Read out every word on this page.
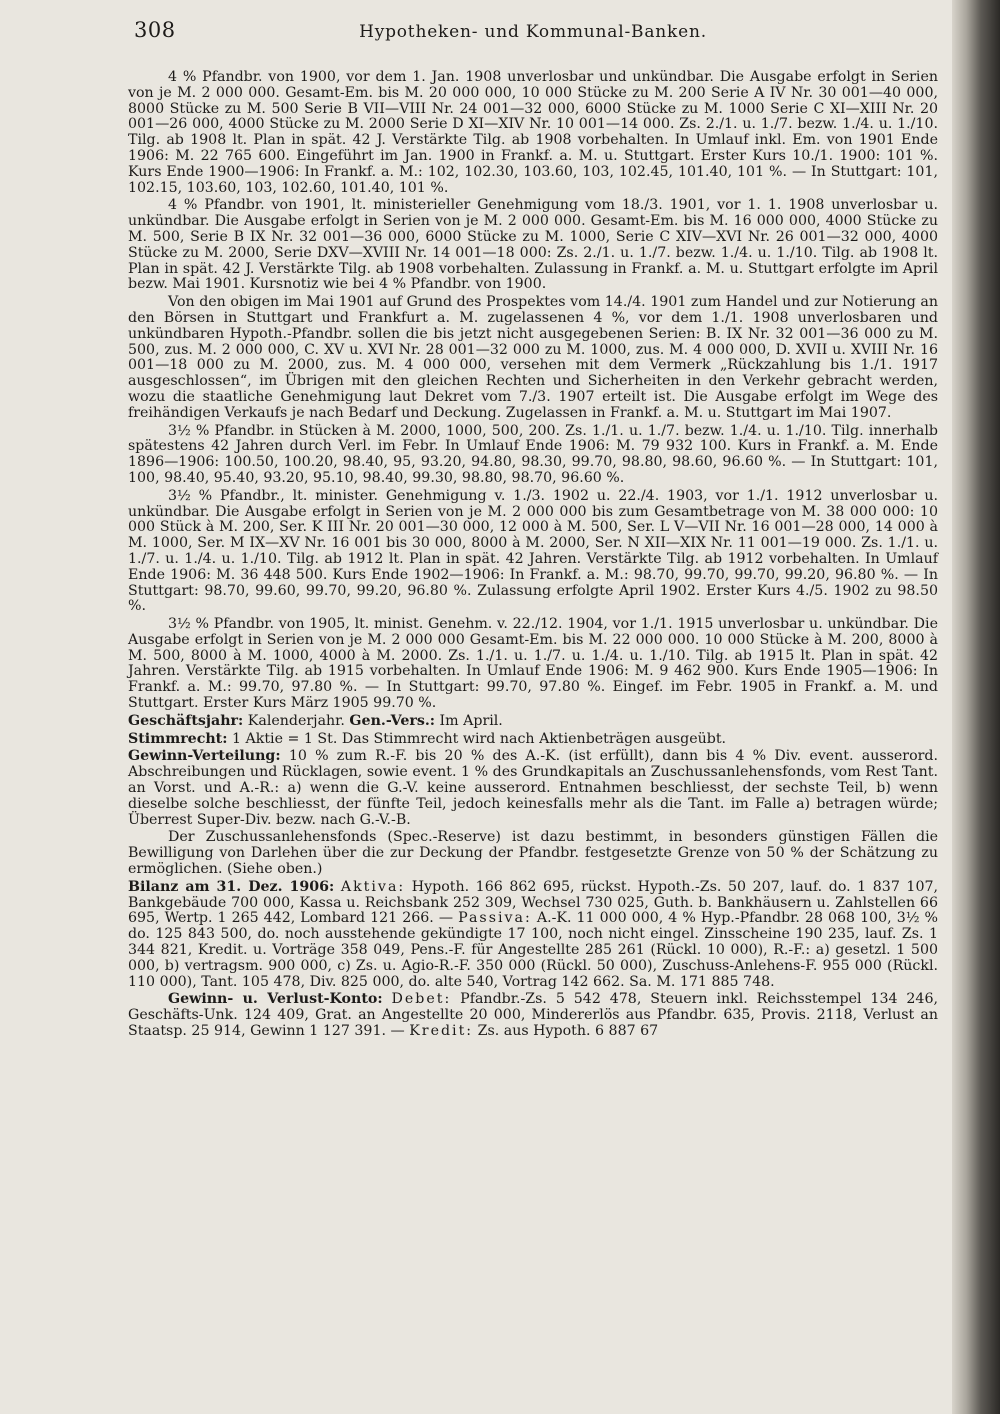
308	Hypotheken- und Kommunal-Banken.

4 % Pfandbr. von 1900, vor dem 1. Jan. 1908 unverlosbar und unkündbar. Die Ausgabe erfolgt in Serien von je M. 2 000 000. Gesamt-Em. bis M. 20 000 000, 10 000 Stücke zu M. 200 Serie A IV Nr. 30 001—40 000, 8000 Stücke zu M. 500 Serie B VII—VIII Nr. 24 001—32 000, 6000 Stücke zu M. 1000 Serie C XI—XIII Nr. 20 001—26 000, 4000 Stücke zu M. 2000 Serie D XI—XIV Nr. 10 001—14 000. Zs. 2./1. u. 1./7. bezw. 1./4. u. 1./10. Tilg. ab 1908 lt. Plan in spät. 42 J. Verstärkte Tilg. ab 1908 vorbehalten. In Umlauf inkl. Em. von 1901 Ende 1906: M. 22 765 600. Eingeführt im Jan. 1900 in Frankf. a. M. u. Stuttgart. Erster Kurs 10./1. 1900: 101 %. Kurs Ende 1900—1906: In Frankf. a. M.: 102, 102.30, 103.60, 103, 102.45, 101.40, 101 %. — In Stuttgart: 101, 102.15, 103.60, 103, 102.60, 101.40, 101 %.

4 % Pfandbr. von 1901, lt. ministerieller Genehmigung vom 18./3. 1901, vor 1. 1. 1908 unverlosbar u. unkündbar. Die Ausgabe erfolgt in Serien von je M. 2 000 000. Gesamt-Em. bis M. 16 000 000, 4000 Stücke zu M. 500, Serie B IX Nr. 32 001—36 000, 6000 Stücke zu M. 1000, Serie C XIV—XVI Nr. 26 001—32 000, 4000 Stücke zu M. 2000, Serie DXV—XVIII Nr. 14 001—18 000: Zs. 2./1. u. 1./7. bezw. 1./4. u. 1./10. Tilg. ab 1908 lt. Plan in spät. 42 J. Verstärkte Tilg. ab 1908 vorbehalten. Zulassung in Frankf. a. M. u. Stuttgart erfolgte im April bezw. Mai 1901. Kursnotiz wie bei 4 % Pfandbr. von 1900.

Von den obigen im Mai 1901 auf Grund des Prospektes vom 14./4. 1901 zum Handel und zur Notierung an den Börsen in Stuttgart und Frankfurt a. M. zugelassenen 4 %, vor dem 1./1. 1908 unverlosbaren und unkündbaren Hypoth.-Pfandbr. sollen die bis jetzt nicht ausgegebenen Serien: B. IX Nr. 32 001—36 000 zu M. 500, zus. M. 2 000 000, C. XV u. XVI Nr. 28 001—32 000 zu M. 1000, zus. M. 4 000 000, D. XVII u. XVIII Nr. 16 001—18 000 zu M. 2000, zus. M. 4 000 000, versehen mit dem Vermerk „Rückzahlung bis 1./1. 1917 ausgeschlossen“, im Übrigen mit den gleichen Rechten und Sicherheiten in den Verkehr gebracht werden, wozu die staatliche Genehmigung laut Dekret vom 7./3. 1907 erteilt ist. Die Ausgabe erfolgt im Wege des freihändigen Verkaufs je nach Bedarf und Deckung. Zugelassen in Frankf. a. M. u. Stuttgart im Mai 1907.

3½ % Pfandbr. in Stücken à M. 2000, 1000, 500, 200. Zs. 1./1. u. 1./7. bezw. 1./4. u. 1./10. Tilg. innerhalb spätestens 42 Jahren durch Verl. im Febr. In Umlauf Ende 1906: M. 79 932 100. Kurs in Frankf. a. M. Ende 1896—1906: 100.50, 100.20, 98.40, 95, 93.20, 94.80, 98.30, 99.70, 98.80, 98.60, 96.60 %. — In Stuttgart: 101, 100, 98.40, 95.40, 93.20, 95.10, 98.40, 99.30, 98.80, 98.70, 96.60 %.

3½ % Pfandbr., lt. minister. Genehmigung v. 1./3. 1902 u. 22./4. 1903, vor 1./1. 1912 unverlosbar u. unkündbar. Die Ausgabe erfolgt in Serien von je M. 2 000 000 bis zum Gesamtbetrage von M. 38 000 000: 10 000 Stück à M. 200, Ser. K III Nr. 20 001—30 000, 12 000 à M. 500, Ser. L V—VII Nr. 16 001—28 000, 14 000 à M. 1000, Ser. M IX—XV Nr. 16 001 bis 30 000, 8000 à M. 2000, Ser. N XII—XIX Nr. 11 001—19 000. Zs. 1./1. u. 1./7. u. 1./4. u. 1./10. Tilg. ab 1912 lt. Plan in spät. 42 Jahren. Verstärkte Tilg. ab 1912 vorbehalten. In Umlauf Ende 1906: M. 36 448 500. Kurs Ende 1902—1906: In Frankf. a. M.: 98.70, 99.70, 99.70, 99.20, 96.80 %. — In Stuttgart: 98.70, 99.60, 99.70, 99.20, 96.80 %. Zulassung erfolgte April 1902. Erster Kurs 4./5. 1902 zu 98.50 %.

3½ % Pfandbr. von 1905, lt. minist. Genehm. v. 22./12. 1904, vor 1./1. 1915 unverlosbar u. unkündbar. Die Ausgabe erfolgt in Serien von je M. 2 000 000 Gesamt-Em. bis M. 22 000 000. 10 000 Stücke à M. 200, 8000 à M. 500, 8000 à M. 1000, 4000 à M. 2000. Zs. 1./1. u. 1./7. u. 1./4. u. 1./10. Tilg. ab 1915 lt. Plan in spät. 42 Jahren. Verstärkte Tilg. ab 1915 vorbehalten. In Umlauf Ende 1906: M. 9 462 900. Kurs Ende 1905—1906: In Frankf. a. M.: 99.70, 97.80 %. — In Stuttgart: 99.70, 97.80 %. Eingef. im Febr. 1905 in Frankf. a. M. und Stuttgart. Erster Kurs März 1905 99.70 %.

Geschäftsjahr: Kalenderjahr. Gen.-Vers.: Im April.

Stimmrecht: 1 Aktie = 1 St. Das Stimmrecht wird nach Aktienbeträgen ausgeübt.

Gewinn-Verteilung: 10 % zum R.-F. bis 20 % des A.-K. (ist erfüllt), dann bis 4 % Div. event. ausserord. Abschreibungen und Rücklagen, sowie event. 1 % des Grundkapitals an Zuschussanlehensfonds, vom Rest Tant. an Vorst. und A.-R.: a) wenn die G.-V. keine ausserord. Entnahmen beschliesst, der sechste Teil, b) wenn dieselbe solche beschliesst, der fünfte Teil, jedoch keinesfalls mehr als die Tant. im Falle a) betragen würde; Überrest Super-Div. bezw. nach G.-V.-B.

Der Zuschussanlehensfonds (Spec.-Reserve) ist dazu bestimmt, in besonders günstigen Fällen die Bewilligung von Darlehen über die zur Deckung der Pfandbr. festgesetzte Grenze von 50 % der Schätzung zu ermöglichen. (Siehe oben.)

Bilanz am 31. Dez. 1906: Aktiva: Hypoth. 166 862 695, rückst. Hypoth.-Zs. 50 207, lauf. do. 1 837 107, Bankgebäude 700 000, Kassa u. Reichsbank 252 309, Wechsel 730 025, Guth. b. Bankhäusern u. Zahlstellen 66 695, Wertp. 1 265 442, Lombard 121 266. — Passiva: A.-K. 11 000 000, 4 % Hyp.-Pfandbr. 28 068 100, 3½ % do. 125 843 500, do. noch ausstehende gekündigte 17 100, noch nicht eingel. Zinsscheine 190 235, lauf. Zs. 1 344 821, Kredit. u. Vorträge 358 049, Pens.-F. für Angestellte 285 261 (Rückl. 10 000), R.-F.: a) gesetzl. 1 500 000, b) vertragsm. 900 000, c) Zs. u. Agio-R.-F. 350 000 (Rückl. 50 000), Zuschuss-Anlehens-F. 955 000 (Rückl. 110 000), Tant. 105 478, Div. 825 000, do. alte 540, Vortrag 142 662. Sa. M. 171 885 748.

Gewinn- u. Verlust-Konto: Debet: Pfandbr.-Zs. 5 542 478, Steuern inkl. Reichsstempel 134 246, Geschäfts-Unk. 124 409, Grat. an Angestellte 20 000, Mindererlös aus Pfandbr. 635, Provis. 2118, Verlust an Staatsp. 25 914, Gewinn 1 127 391. — Kredit: Zs. aus Hypoth. 6 887 67
